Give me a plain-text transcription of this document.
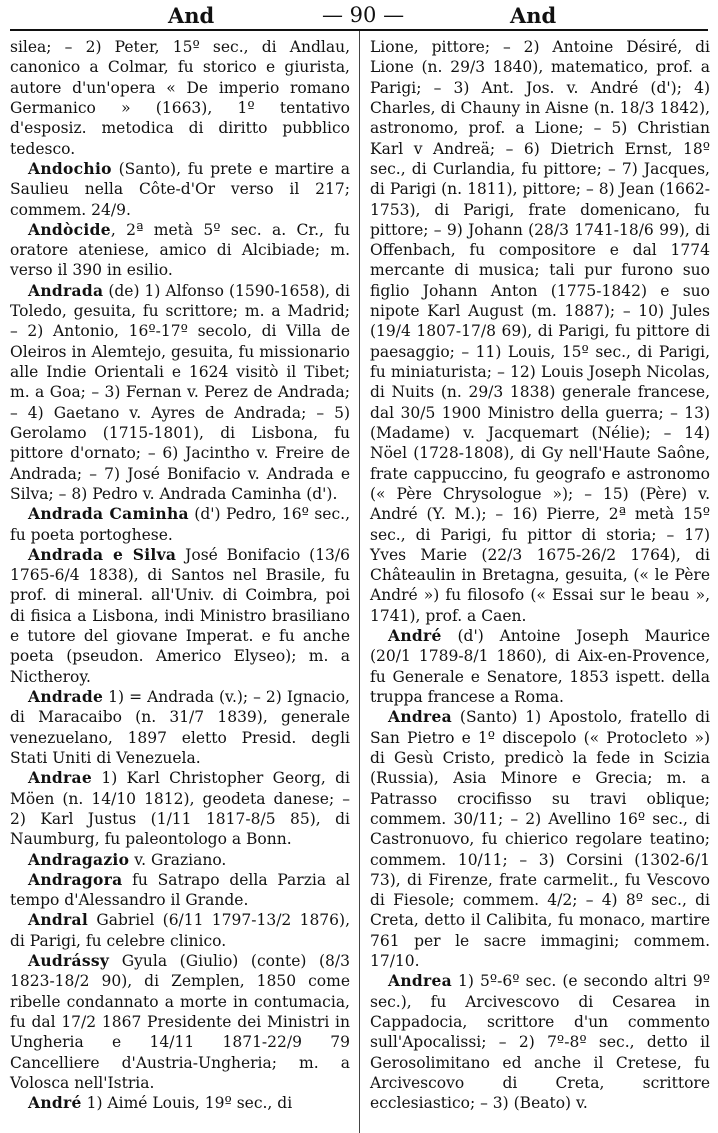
And	— 90 —	And

silea; – 2) Peter, 15º sec., di Andlau, canonico a Colmar, fu storico e giurista, autore d'un'opera « De imperio romano Germanico » (1663), 1º tentativo d'esposiz. metodica di diritto pubblico tedesco.

Andochio (Santo), fu prete e martire a Saulieu nella Côte-d'Or verso il 217; commem. 24/9.

Andòcide, 2ª metà 5º sec. a. Cr., fu oratore ateniese, amico di Alcibiade; m. verso il 390 in esilio.

Andrada (de) 1) Alfonso (1590-1658), di Toledo, gesuita, fu scrittore; m. a Madrid; – 2) Antonio, 16º-17º secolo, di Villa de Oleiros in Alemtejo, gesuita, fu missionario alle Indie Orientali e 1624 visitò il Tibet; m. a Goa; – 3) Fernan v. Perez de Andrada; – 4) Gaetano v. Ayres de Andrada; – 5) Gerolamo (1715-1801), di Lisbona, fu pittore d'ornato; – 6) Jacintho v. Freire de Andrada; – 7) José Bonifacio v. Andrada e Silva; – 8) Pedro v. Andrada Caminha (d').

Andrada Caminha (d') Pedro, 16º sec., fu poeta portoghese.

Andrada e Silva José Bonifacio (13/6 1765-6/4 1838), di Santos nel Brasile, fu prof. di mineral. all'Univ. di Coimbra, poi di fisica a Lisbona, indi Ministro brasiliano e tutore del giovane Imperat. e fu anche poeta (pseudon. Americo Elyseo); m. a Nictheroy.

Andrade 1) = Andrada (v.); – 2) Ignacio, di Maracaibo (n. 31/7 1839), generale venezuelano, 1897 eletto Presid. degli Stati Uniti di Venezuela.

Andrae 1) Karl Christopher Georg, di Möen (n. 14/10 1812), geodeta danese; – 2) Karl Justus (1/11 1817-8/5 85), di Naumburg, fu paleontologo a Bonn.

Andragazio v. Graziano.

Andragora fu Satrapo della Parzia al tempo d'Alessandro il Grande.

Andral Gabriel (6/11 1797-13/2 1876), di Parigi, fu celebre clinico.

Audrássy Gyula (Giulio) (conte) (8/3 1823-18/2 90), di Zemplen, 1850 come ribelle condannato a morte in contumacia, fu dal 17/2 1867 Presidente dei Ministri in Ungheria e 14/11 1871-22/9 79 Cancelliere d'Austria-Ungheria; m. a Volosca nell'Istria.

André 1) Aimé Louis, 19º sec., di

Lione, pittore; – 2) Antoine Désiré, di Lione (n. 29/3 1840), matematico, prof. a Parigi; – 3) Ant. Jos. v. André (d'); 4) Charles, di Chauny in Aisne (n. 18/3 1842), astronomo, prof. a Lione; – 5) Christian Karl v Andreä; – 6) Dietrich Ernst, 18º sec., di Curlandia, fu pittore; – 7) Jacques, di Parigi (n. 1811), pittore; – 8) Jean (1662-1753), di Parigi, frate domenicano, fu pittore; – 9) Johann (28/3 1741-18/6 99), di Offenbach, fu compositore e dal 1774 mercante di musica; tali pur furono suo figlio Johann Anton (1775-1842) e suo nipote Karl August (m. 1887); – 10) Jules (19/4 1807-17/8 69), di Parigi, fu pittore di paesaggio; – 11) Louis, 15º sec., di Parigi, fu miniaturista; – 12) Louis Joseph Nicolas, di Nuits (n. 29/3 1838) generale francese, dal 30/5 1900 Ministro della guerra; – 13) (Madame) v. Jacquemart (Nélie); – 14) Nöel (1728-1808), di Gy nell'Haute Saône, frate cappuccino, fu geografo e astronomo (« Père Chrysologue »); – 15) (Père) v. André (Y. M.); – 16) Pierre, 2ª metà 15º sec., di Parigi, fu pittor di storia; – 17) Yves Marie (22/3 1675-26/2 1764), di Châteaulin in Bretagna, gesuita, (« le Père André ») fu filosofo (« Essai sur le beau », 1741), prof. a Caen.

André (d') Antoine Joseph Maurice (20/1 1789-8/1 1860), di Aix-en-Provence, fu Generale e Senatore, 1853 ispett. della truppa francese a Roma.

Andrea (Santo) 1) Apostolo, fratello di San Pietro e 1º discepolo (« Protocleto ») di Gesù Cristo, predicò la fede in Scizia (Russia), Asia Minore e Grecia; m. a Patrasso crocifisso su travi oblique; commem. 30/11; – 2) Avellino 16º sec., di Castronuovo, fu chierico regolare teatino; commem. 10/11; – 3) Corsini (1302-6/1 73), di Firenze, frate carmelit., fu Vescovo di Fiesole; commem. 4/2; – 4) 8º sec., di Creta, detto il Calibita, fu monaco, martire 761 per le sacre immagini; commem. 17/10.

Andrea 1) 5º-6º sec. (e secondo altri 9º sec.), fu Arcivescovo di Cesarea in Cappadocia, scrittore d'un commento sull'Apocalissi; – 2) 7º-8º sec., detto il Gerosolimitano ed anche il Cretese, fu Arcivescovo di Creta, scrittore ecclesiastico; – 3) (Beato) v.
